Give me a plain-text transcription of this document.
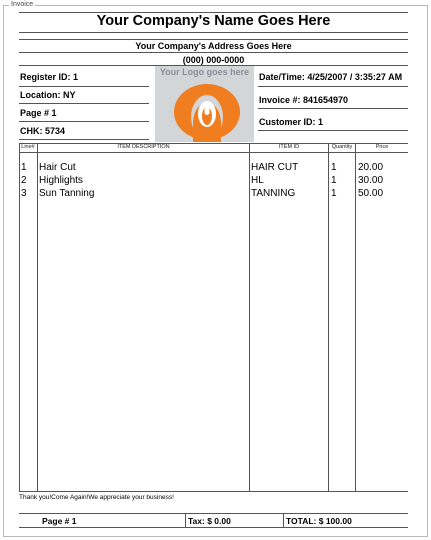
Invoice
Your Company's Name Goes Here
Your Company's Address Goes Here
(000) 000-0000
Register ID: 1
Location: NY
Page # 1
CHK: 5734
Your Logo goes here	Date/Time: 4/25/2007 / 3:35:27 AM
Invoice #: 841654970
Customer ID: 1
Line#	ITEM DESCRIPTION	ITEM ID	Quantity	Price
1 Hair Cut	HAIR CUT	1 20.00
2 Highlights	HL	1 30.00
3 Sun Tanning	TANNING	1 50.00
Thank you!Come Again!We appreciate your business!
Page # 1	Tax: $ 0.00	TOTAL: $ 100.00
